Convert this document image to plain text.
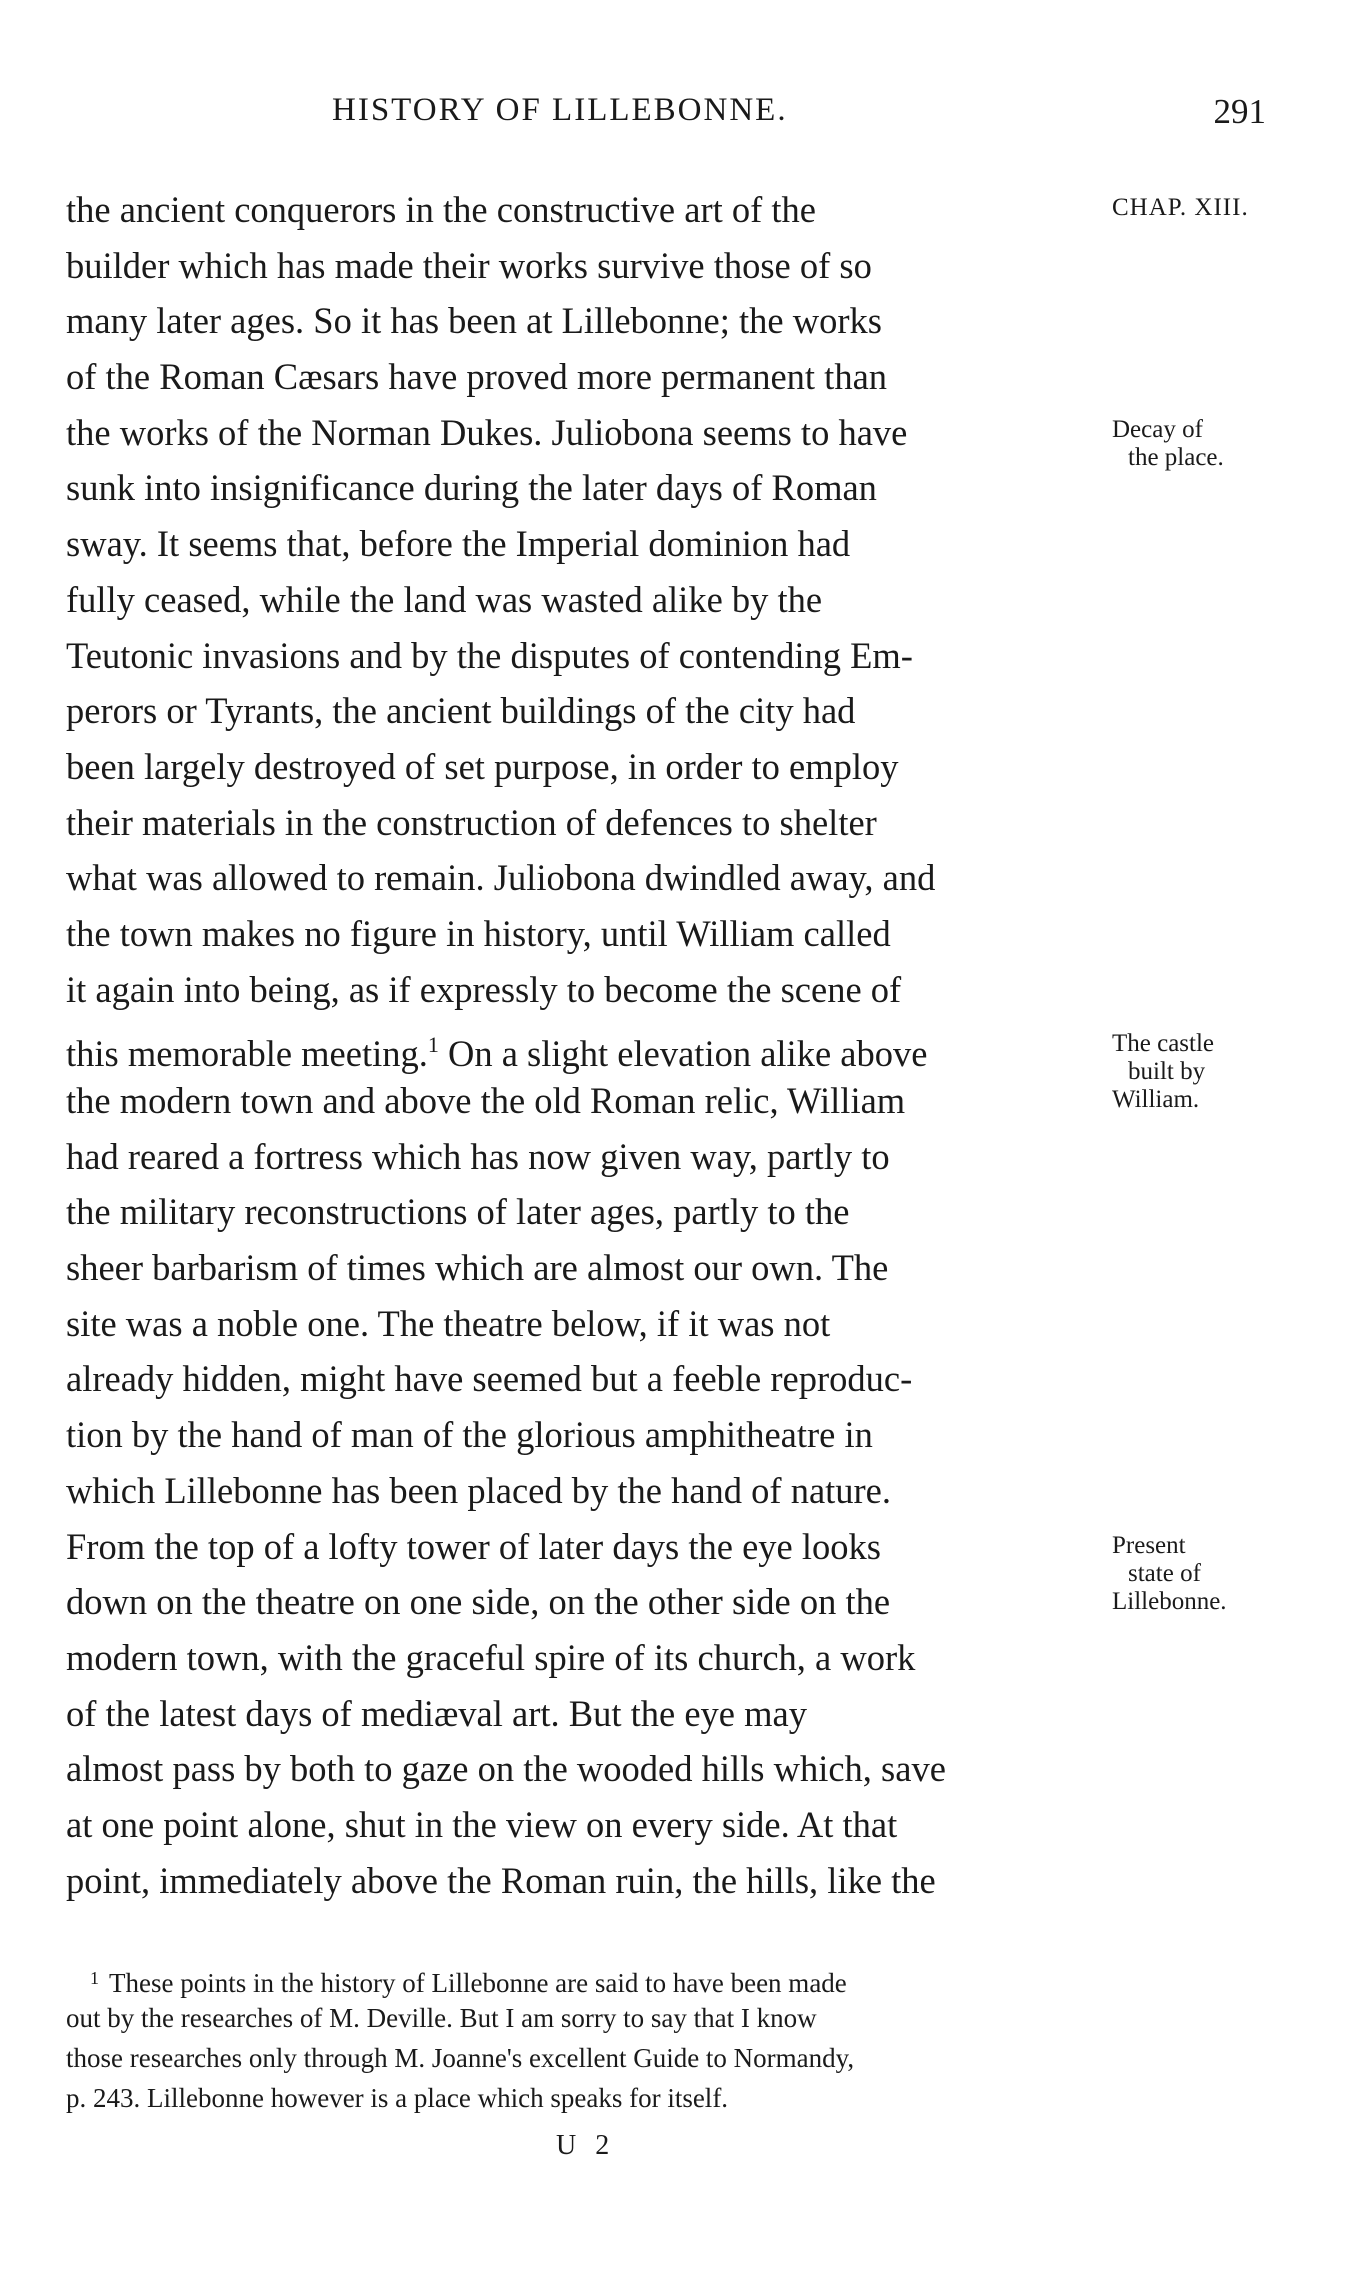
HISTORY OF LILLEBONNE.	291
the ancient conquerors in the constructive art of the
builder which has made their works survive those of so
many later ages. So it has been at Lillebonne; the works
of the Roman Cæsars have proved more permanent than
the works of the Norman Dukes. Juliobona seems to have
sunk into insignificance during the later days of Roman
sway. It seems that, before the Imperial dominion had
fully ceased, while the land was wasted alike by the
Teutonic invasions and by the disputes of contending Em-
perors or Tyrants, the ancient buildings of the city had
been largely destroyed of set purpose, in order to employ
their materials in the construction of defences to shelter
what was allowed to remain. Juliobona dwindled away, and
the town makes no figure in history, until William called
it again into being, as if expressly to become the scene of
this memorable meeting.$^1$ On a slight elevation alike above
the modern town and above the old Roman relic, William
had reared a fortress which has now given way, partly to
the military reconstructions of later ages, partly to the
sheer barbarism of times which are almost our own. The
site was a noble one. The theatre below, if it was not
already hidden, might have seemed but a feeble reproduc-
tion by the hand of man of the glorious amphitheatre in
which Lillebonne has been placed by the hand of nature.
From the top of a lofty tower of later days the eye looks
down on the theatre on one side, on the other side on the
modern town, with the graceful spire of its church, a work
of the latest days of mediæval art. But the eye may
almost pass by both to gaze on the wooded hills which, save
at one point alone, shut in the view on every side. At that
point, immediately above the Roman ruin, the hills, like the
CHAP. XIII.
Decay of
the place.
The castle
built by
William.
Present
state of
Lillebonne.
$^1$ These points in the history of Lillebonne are said to have been made
out by the researches of M. Deville. But I am sorry to say that I know
those researches only through M. Joanne's excellent Guide to Normandy,
p. 243. Lillebonne however is a place which speaks for itself.
U 2
